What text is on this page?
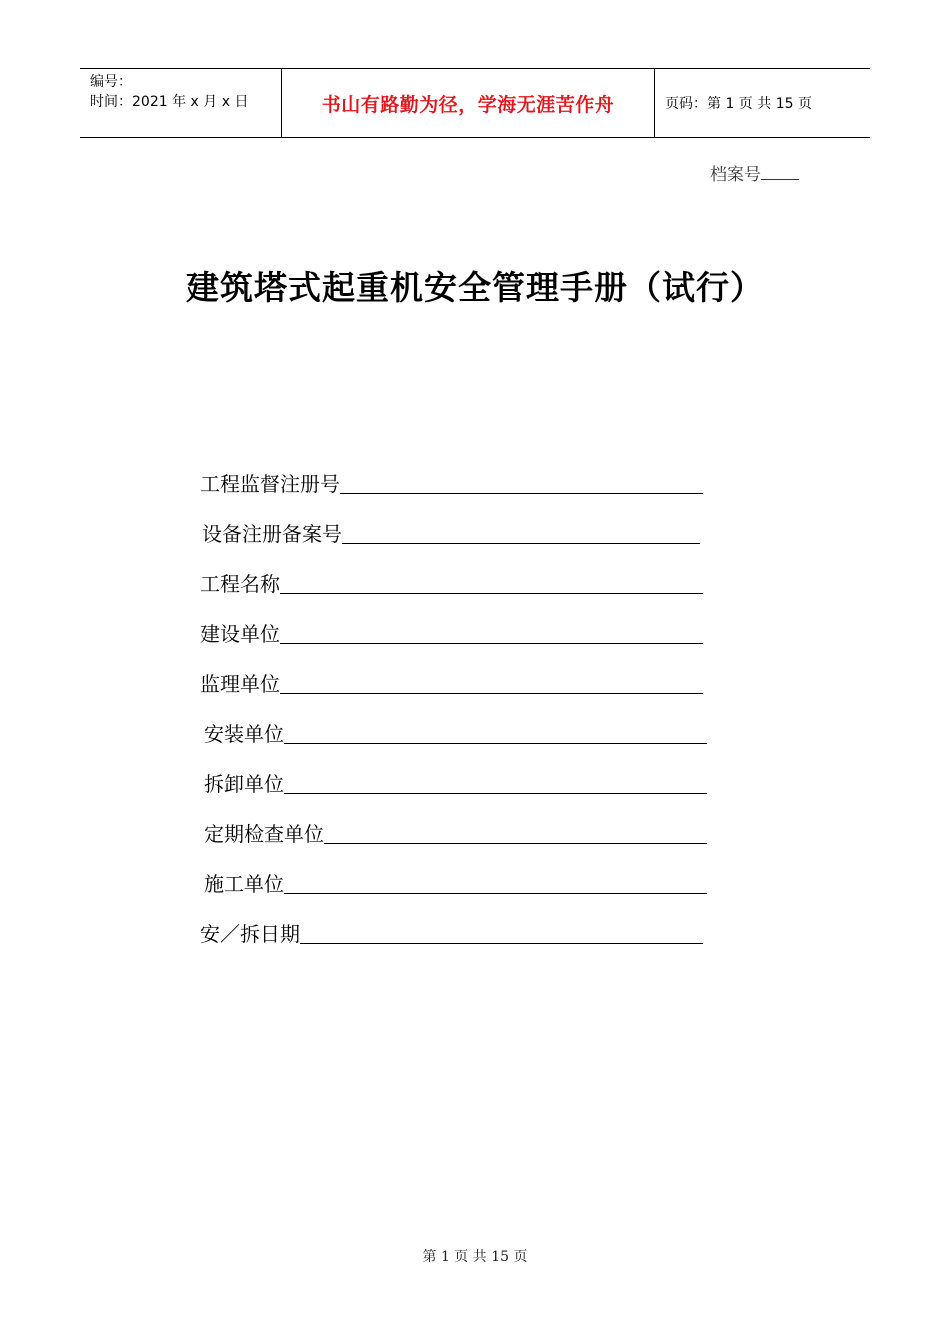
编号：
时间：2021 年 x 月 x 日	书山有路勤为径，学海无涯苦作舟	页码：第 1 页 共 15 页
档案号
建筑塔式起重机安全管理手册（试行）
工程监督注册号
设备注册备案号
工程名称
建设单位
监理单位
安装单位
拆卸单位
定期检查单位
施工单位
安／拆日期
第 1 页 共 15 页
